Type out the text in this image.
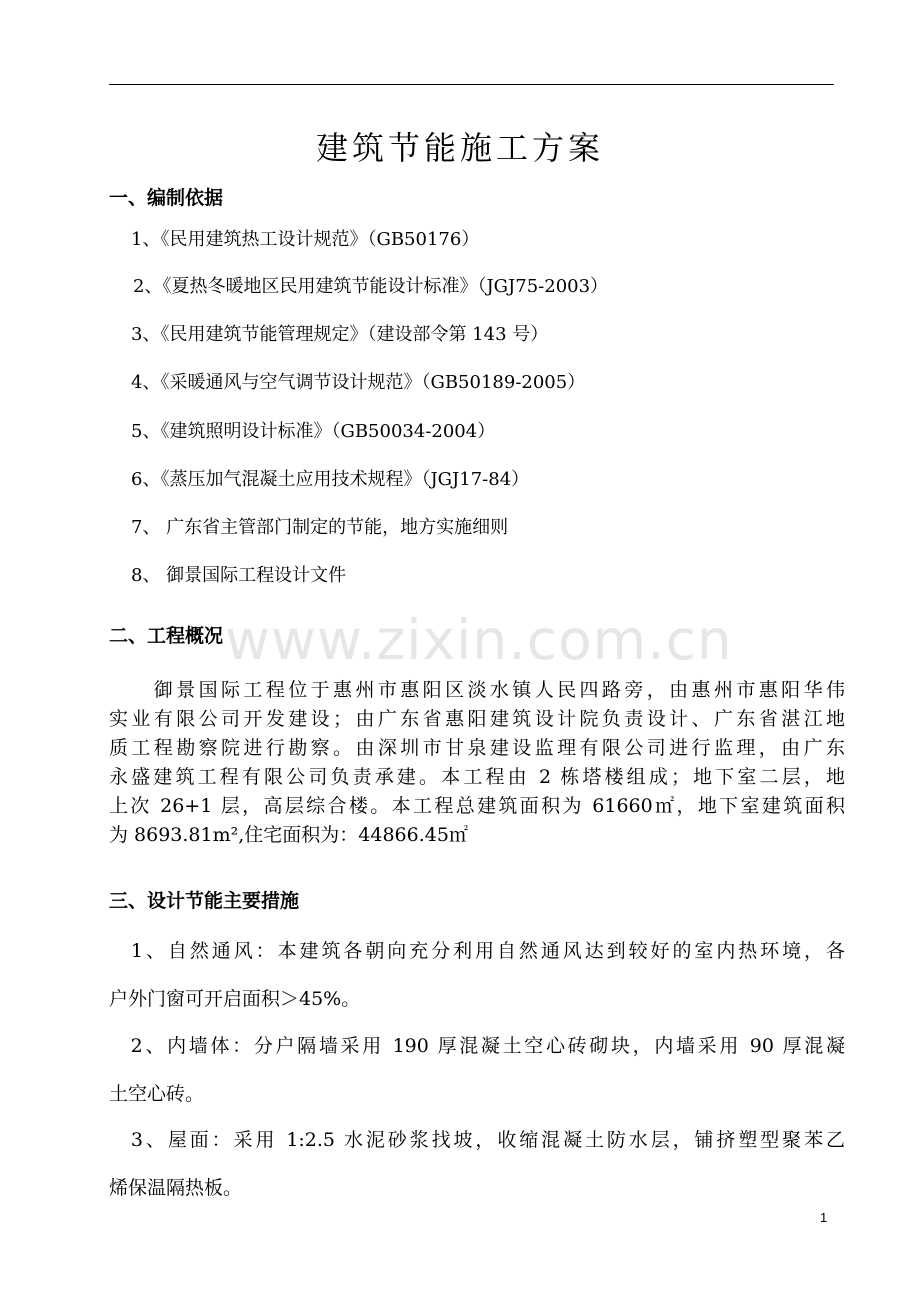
www.zixin.com.cn
建筑节能施工方案
一、编制依据
1、《民用建筑热工设计规范》（GB50176）
2、《夏热冬暖地区民用建筑节能设计标准》（JGJ75-2003）
3、《民用建筑节能管理规定》（建设部令第 143 号）
4、《采暖通风与空气调节设计规范》（GB50189-2005）
5、《建筑照明设计标准》（GB50034-2004）
6、《蒸压加气混凝土应用技术规程》（JGJ17-84）
7、 广东省主管部门制定的节能，地方实施细则
8、 御景国际工程设计文件
二、工程概况
　　御景国际工程位于惠州市惠阳区淡水镇人民四路旁，由惠州市惠阳华伟
实业有限公司开发建设；由广东省惠阳建筑设计院负责设计、广东省湛江地
质工程勘察院进行勘察。由深圳市甘泉建设监理有限公司进行监理，由广东
永盛建筑工程有限公司负责承建。本工程由 2 栋塔楼组成；地下室二层，地
上次 26+1 层，高层综合楼。本工程总建筑面积为 61660㎡，地下室建筑面积
为 8693.81m²,住宅面积为：44866.45㎡
三、设计节能主要措施
　1、自然通风：本建筑各朝向充分利用自然通风达到较好的室内热环境，各
户外门窗可开启面积＞45%。
　2、内墙体：分户隔墙采用 190 厚混凝土空心砖砌块，内墙采用 90 厚混凝
土空心砖。
　3、屋面：采用 1:2.5 水泥砂浆找坡，收缩混凝土防水层，铺挤塑型聚苯乙
烯保温隔热板。
1
